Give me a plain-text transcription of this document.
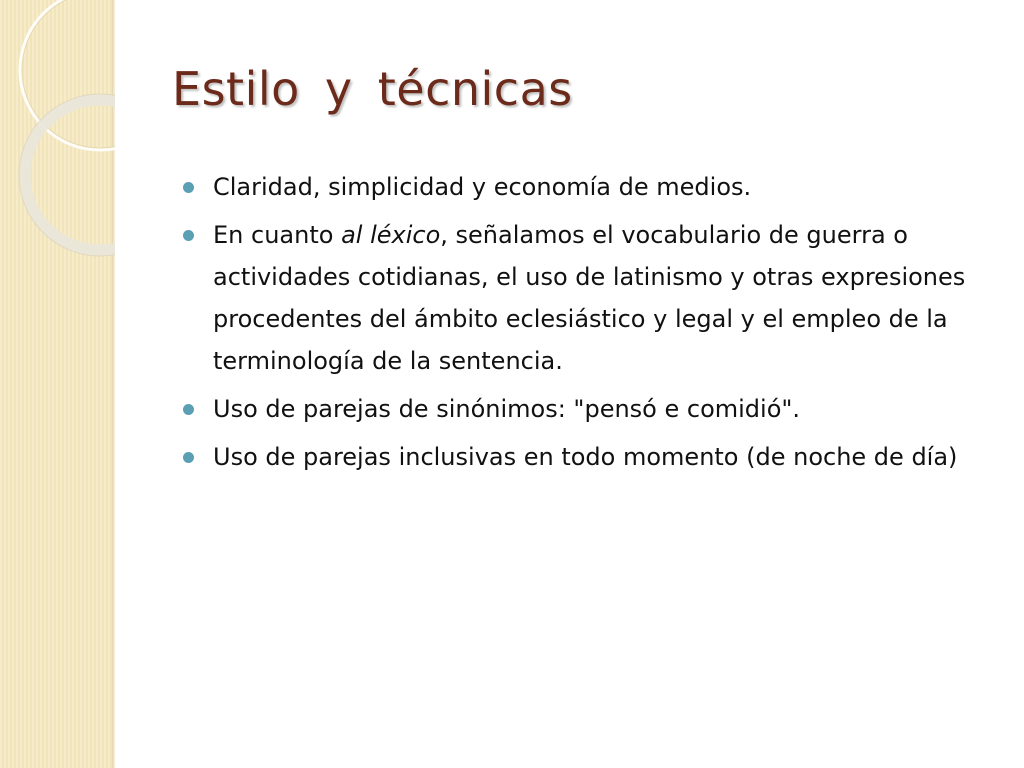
Estilo y técnicas
Claridad, simplicidad y economía de medios.
En cuanto al léxico, señalamos el vocabulario de guerra o actividades cotidianas, el uso de latinismo y otras expresiones procedentes del ámbito eclesiástico y legal y el empleo de la terminología de la sentencia.
Uso de parejas de sinónimos: "pensó e comidió".
Uso de parejas inclusivas en todo momento (de noche de día)
